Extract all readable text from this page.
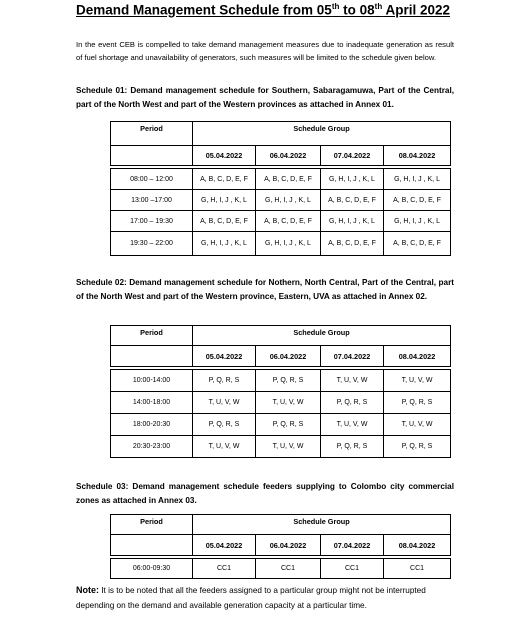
Demand Management Schedule from 05th to 08th April 2022
In the event CEB is compelled to take demand management measures due to inadequate generation as result of fuel shortage and unavailability of generators, such measures will be limited to the schedule given below.
Schedule 01: Demand management schedule for Southern, Sabaragamuwa, Part of the Central, part of the North West and part of the Western provinces as attached in Annex 01.
Period	Schedule Group			
	05.04.2022	06.04.2022	07.04.2022	08.04.2022

08:00 – 12:00	A, B, C, D, E, F	A, B, C, D, E, F	G, H, I, J , K, L	G, H, I, J , K, L
13:00 –17:00	G, H, I, J , K, L	G, H, I, J , K, L	A, B, C, D, E, F	A, B, C, D, E, F
17:00 – 19:30	A, B, C, D, E, F	A, B, C, D, E, F	G, H, I, J , K, L	G, H, I, J , K, L
19:30 – 22:00	G, H, I, J , K, L	G, H, I, J , K, L	A, B, C, D, E, F	A, B, C, D, E, F
Schedule 02: Demand management schedule for Nothern, North Central, Part of the Central, part of the North West and part of the Western province, Eastern, UVA as attached in Annex 02.
Period	Schedule Group			
	05.04.2022	06.04.2022	07.04.2022	08.04.2022

10:00-14:00	P, Q, R, S	P, Q, R, S	T, U, V, W	T, U, V, W
14:00-18:00	T, U, V, W	T, U, V, W	P, Q, R, S	P, Q, R, S
18:00-20:30	P, Q, R, S	P, Q, R, S	T, U, V, W	T, U, V, W
20:30-23:00	T, U, V, W	T, U, V, W	P, Q, R, S	P, Q, R, S
Schedule 03: Demand management schedule feeders supplying to Colombo city commercial zones as attached in Annex 03.
Period	Schedule Group			
	05.04.2022	06.04.2022	07.04.2022	08.04.2022

06:00-09:30	CC1	CC1	CC1	CC1
Note: It is to be noted that all the feeders assigned to a particular group might not be interrupted depending on the demand and available generation capacity at a particular time.
